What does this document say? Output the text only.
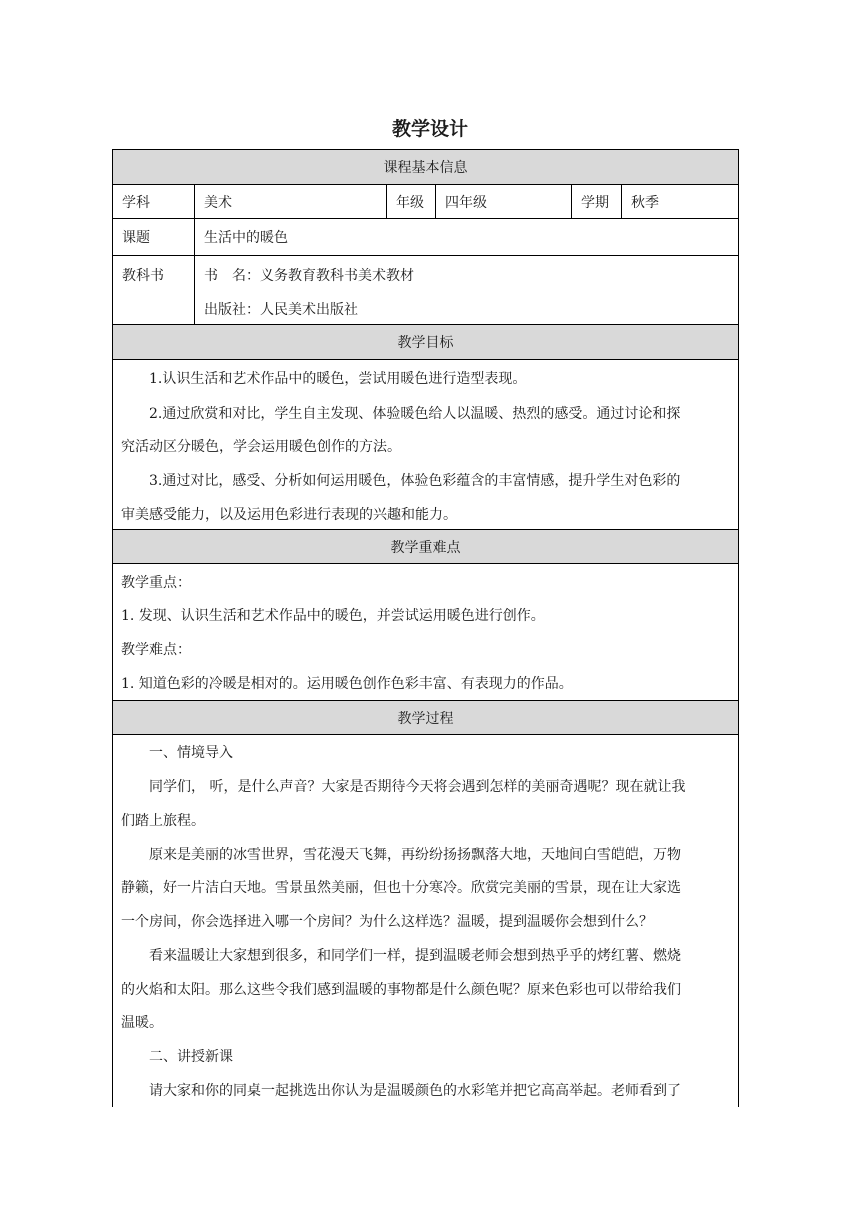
教学设计
课程基本信息
学科	美术	年级	四年级	学期	秋季
课题	生活中的暖色
教科书	书　名：义务教育教科书美术教材
出版社：人民美术出版社
教学目标
1.认识生活和艺术作品中的暖色，尝试用暖色进行造型表现。
2.通过欣赏和对比，学生自主发现、体验暖色给人以温暖、热烈的感受。通过讨论和探
究活动区分暖色，学会运用暖色创作的方法。
3.通过对比，感受、分析如何运用暖色，体验色彩蕴含的丰富情感，提升学生对色彩的
审美感受能力，以及运用色彩进行表现的兴趣和能力。
教学重难点
教学重点：
1. 发现、认识生活和艺术作品中的暖色，并尝试运用暖色进行创作。
教学难点：
1. 知道色彩的冷暖是相对的。运用暖色创作色彩丰富、有表现力的作品。
教学过程
一、情境导入
同学们， 听，是什么声音？大家是否期待今天将会遇到怎样的美丽奇遇呢？现在就让我
们踏上旅程。
原来是美丽的冰雪世界，雪花漫天飞舞，再纷纷扬扬飘落大地，天地间白雪皑皑，万物
静籁，好一片洁白天地。雪景虽然美丽，但也十分寒冷。欣赏完美丽的雪景，现在让大家选
一个房间，你会选择进入哪一个房间？为什么这样选？温暖，提到温暖你会想到什么？
看来温暖让大家想到很多，和同学们一样，提到温暖老师会想到热乎乎的烤红薯、燃烧
的火焰和太阳。那么这些令我们感到温暖的事物都是什么颜色呢？原来色彩也可以带给我们
温暖。
二、讲授新课
请大家和你的同桌一起挑选出你认为是温暖颜色的水彩笔并把它高高举起。老师看到了
